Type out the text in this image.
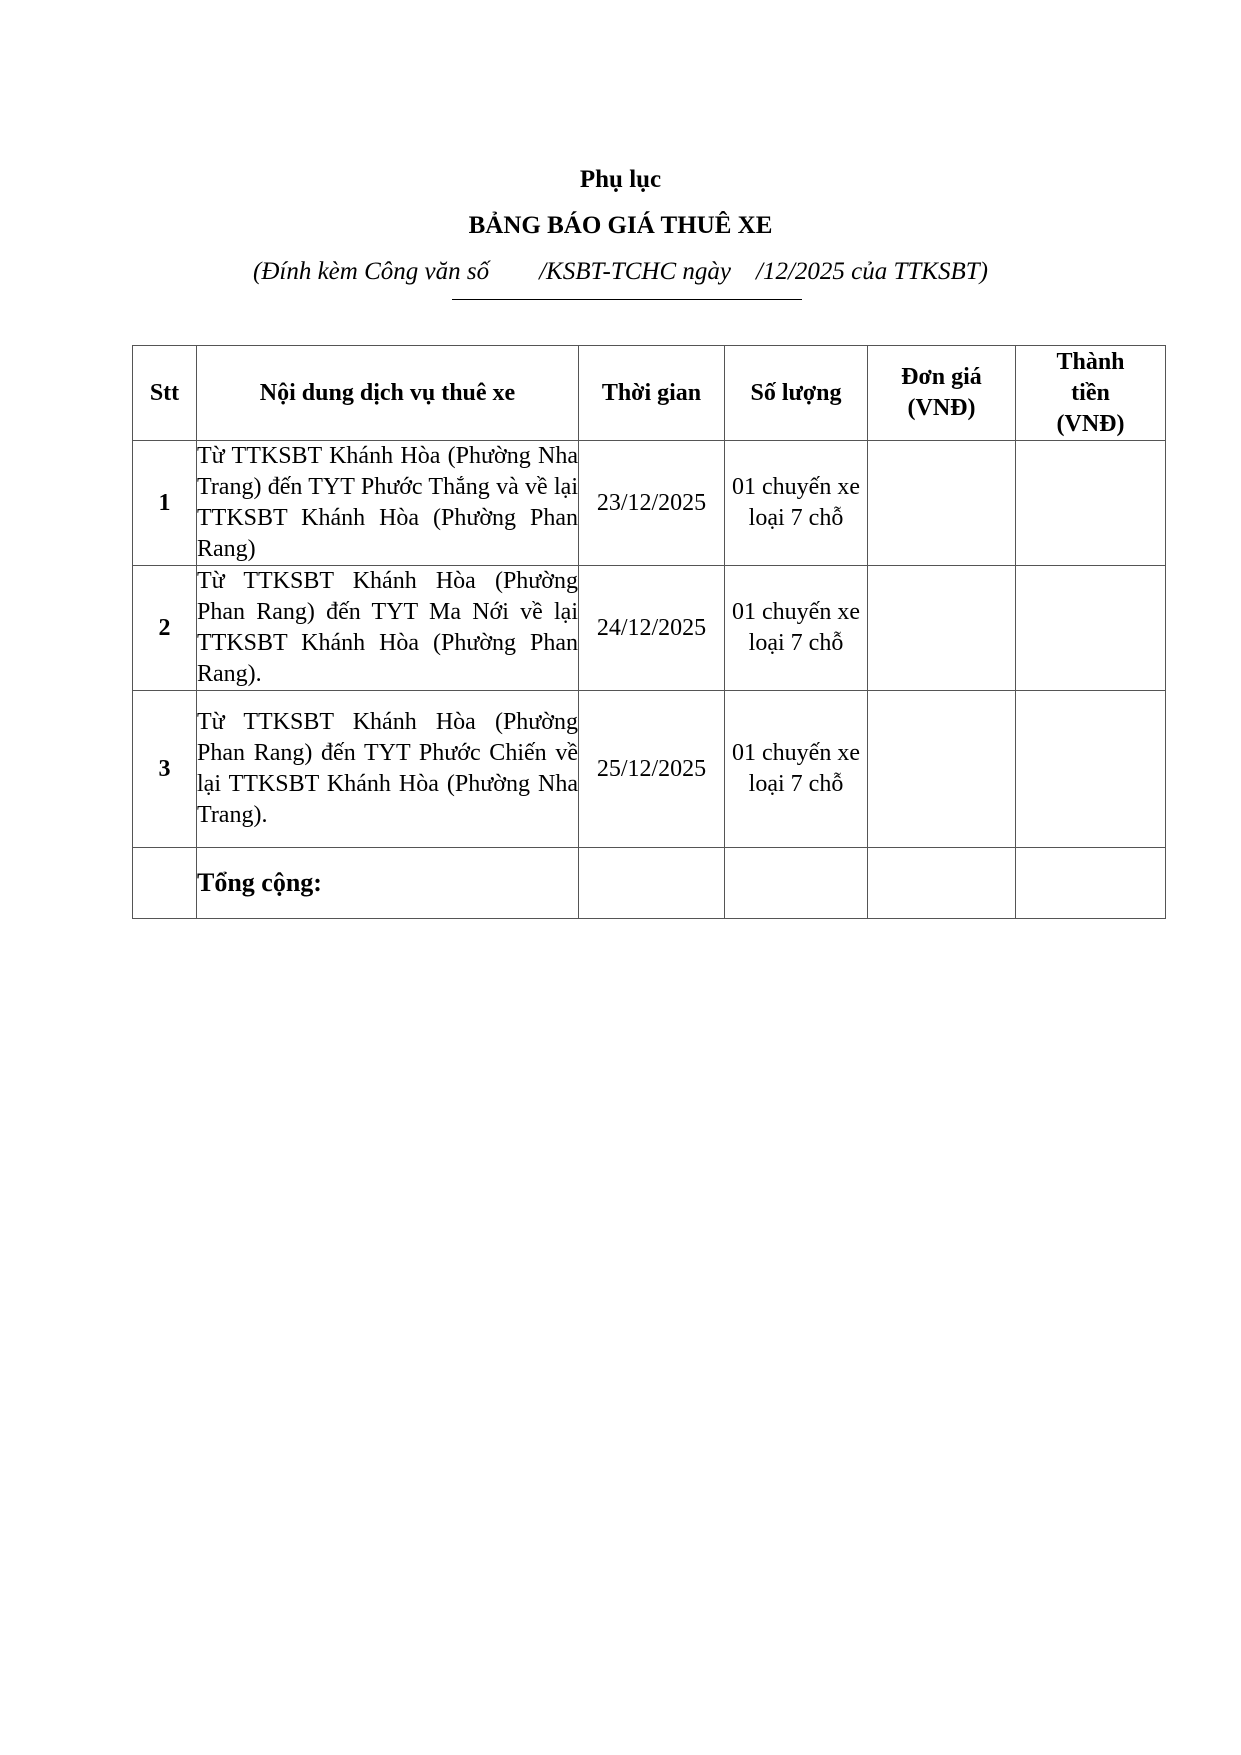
Phụ lục
BẢNG BÁO GIÁ THUÊ XE
(Đính kèm Công văn số        /KSBT-TCHC ngày    /12/2025 của TTKSBT)
Stt	Nội dung dịch vụ thuê xe	Thời gian	Số lượng	Đơn giá (VNĐ)	Thành tiền (VNĐ)
1	Từ TTKSBT Khánh Hòa (Phường Nha Trang) đến TYT Phước Thắng và về lại TTKSBT Khánh Hòa (Phường Phan Rang)	23/12/2025	01 chuyến xe loại 7 chỗ		
2	Từ TTKSBT Khánh Hòa (Phường Phan Rang) đến TYT Ma Nới về lại TTKSBT Khánh Hòa (Phường Phan Rang).	24/12/2025	01 chuyến xe loại 7 chỗ		
3	Từ TTKSBT Khánh Hòa (Phường Phan Rang) đến TYT Phước Chiến về lại TTKSBT Khánh Hòa (Phường Nha Trang).	25/12/2025	01 chuyến xe loại 7 chỗ		
	Tổng cộng:				
